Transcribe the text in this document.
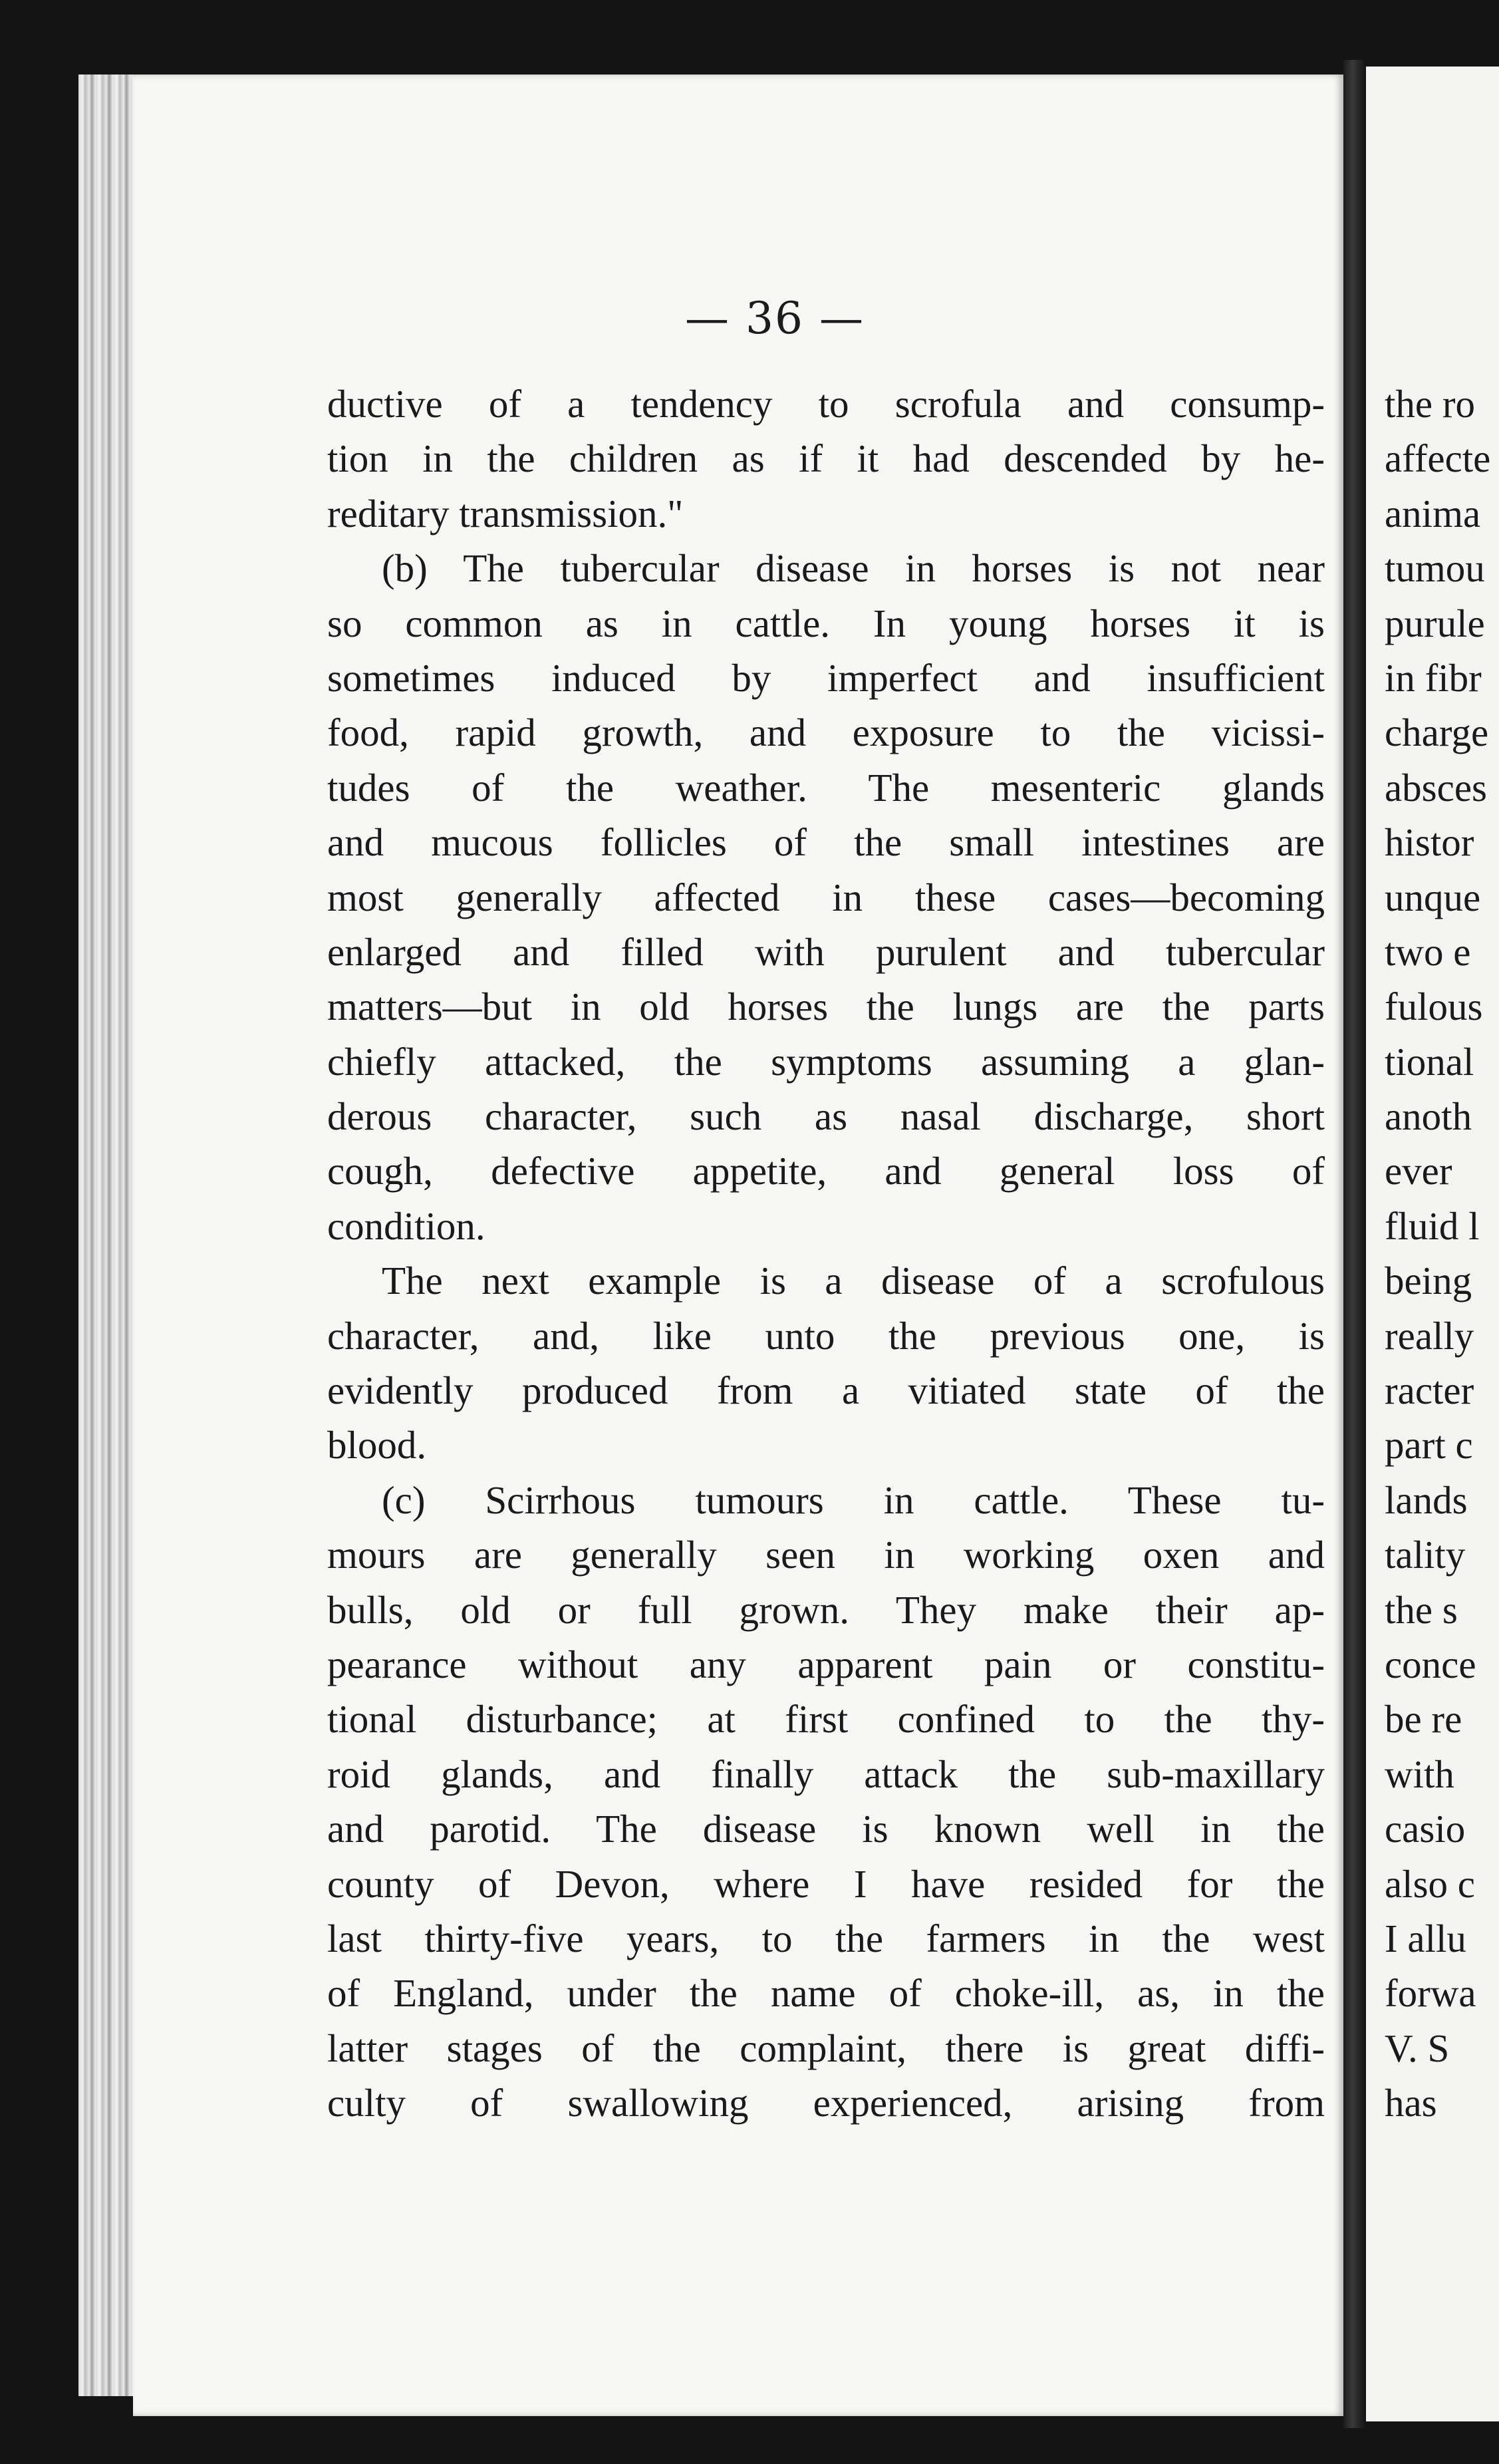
— 36 —
ductive of a tendency to scrofula and consump-
tion in the children as if it had descended by he-
reditary transmission."
(b) The tubercular disease in horses is not near
so common as in cattle. In young horses it is
sometimes induced by imperfect and insufficient
food, rapid growth, and exposure to the vicissi-
tudes of the weather. The mesenteric glands
and mucous follicles of the small intestines are
most generally affected in these cases—becoming
enlarged and filled with purulent and tubercular
matters—but in old horses the lungs are the parts
chiefly attacked, the symptoms assuming a glan-
derous character, such as nasal discharge, short
cough, defective appetite, and general loss of
condition.
The next example is a disease of a scrofulous
character, and, like unto the previous one, is
evidently produced from a vitiated state of the
blood.
(c) Scirrhous tumours in cattle. These tu-
mours are generally seen in working oxen and
bulls, old or full grown. They make their ap-
pearance without any apparent pain or constitu-
tional disturbance; at first confined to the thy-
roid glands, and finally attack the sub-maxillary
and parotid. The disease is known well in the
county of Devon, where I have resided for the
last thirty-five years, to the farmers in the west
of England, under the name of choke-ill, as, in the
latter stages of the complaint, there is great diffi-
culty of swallowing experienced, arising from
the ro
affecte
anima
tumou
purule
in fibr
charge
absces
histor
unque
two e
fulous
tional
anoth
ever
fluid l
being
really
racter
part c
lands
tality
the s
conce
be re
with
casio
also c
I allu
forwa
V. S
has
